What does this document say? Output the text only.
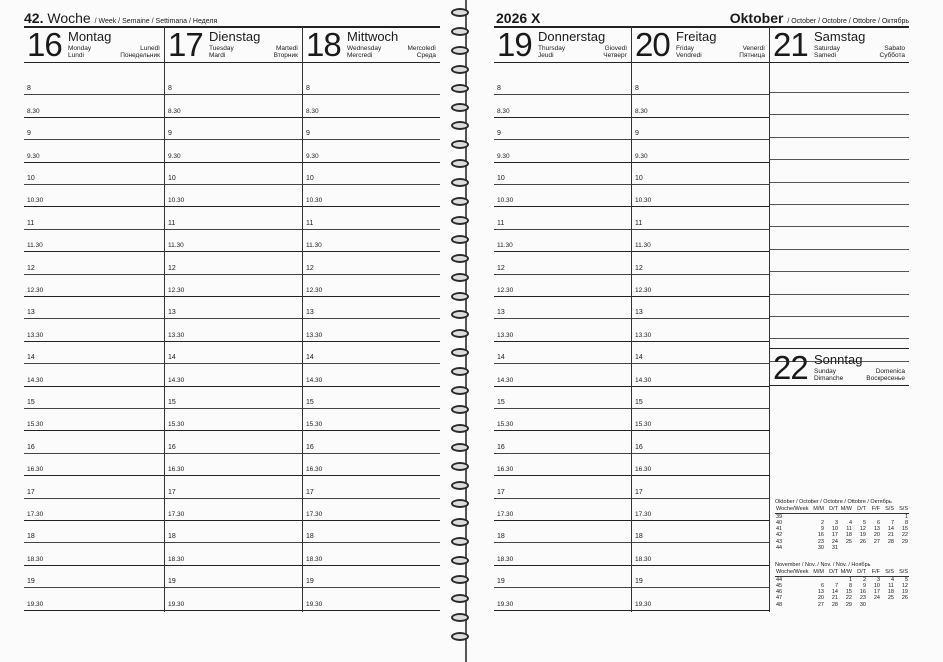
42. Woche / Week / Semaine / Settimana / Неделя
16 Montag
Monday
Lundi
Lunedì
Понедельник
8
8.30
9
9.30
10
10.30
11
11.30
12
12.30
13
13.30
14
14.30
15
15.30
16
16.30
17
17.30
18
18.30
19
19.30
17 Dienstag
Tuesday
Mardi
Martedì
Вторник
8
8.30
9
9.30
10
10.30
11
11.30
12
12.30
13
13.30
14
14.30
15
15.30
16
16.30
17
17.30
18
18.30
19
19.30
18 Mittwoch
Wednesday
Mercredi
Mercoledì
Среда
8
8.30
9
9.30
10
10.30
11
11.30
12
12.30
13
13.30
14
14.30
15
15.30
16
16.30
17
17.30
18
18.30
19
19.30
2026 X	Oktober / October / Octobre / Ottobre / Октябрь
19 Donnerstag
Thursday
Jeudi
Giovedì
Четверг
8
8.30
9
9.30
10
10.30
11
11.30
12
12.30
13
13.30
14
14.30
15
15.30
16
16.30
17
17.30
18
18.30
19
19.30
20 Freitag
Friday
Vendredi
Venerdì
Пятница
8
8.30
9
9.30
10
10.30
11
11.30
12
12.30
13
13.30
14
14.30
15
15.30
16
16.30
17
17.30
18
18.30
19
19.30
21 Samstag
Saturday
Samedi
Sabato
Суббота
22 Sonntag
Sunday
Dimanche
Domenica
Воскресенье
Oktober / October / Octobre / Ottobre / Октябрь
Woche/Week	M/M	D/T	M/W	D/T	F/F	S/S	S/S
39							1
40	2	3	4	5	6	7	8
41	9	10	11	12	13	14	15
42	16	17	18	19	20	21	22
43	23	24	25	26	27	28	29
44	30	31					
November / Nov. / Nov. / Nov. / Ноябрь
Woche/Week	M/M	D/T	M/W	D/T	F/F	S/S	S/S
44			1	2	3	4	5
45	6	7	8	9	10	11	12
46	13	14	15	16	17	18	19
47	20	21	22	23	24	25	26
48	27	28	29	30			
